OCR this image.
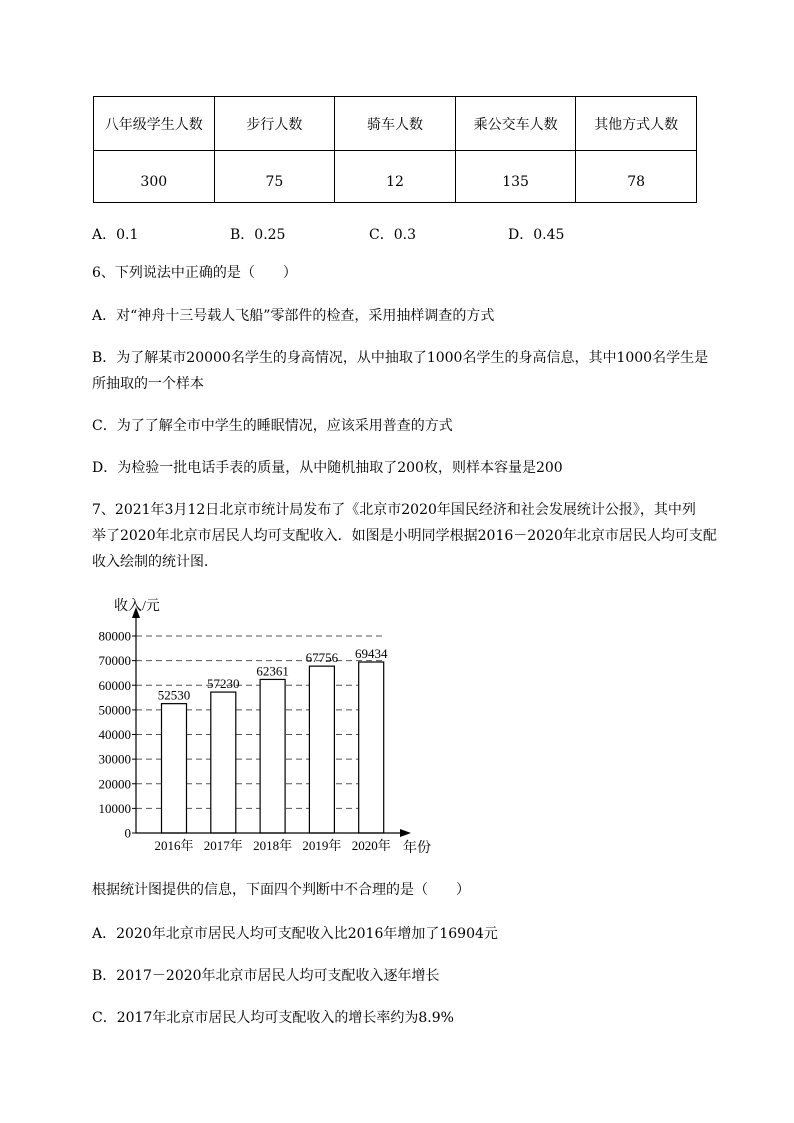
八年级学生人数	步行人数	骑车人数	乘公交车人数	其他方式人数
300	75	12	135	78
A．0.1	B．0.25	C．0.3	D．0.45
6、下列说法中正确的是（　　）
A．对“神舟十三号载人飞船”零部件的检查，采用抽样调查的方式
B．为了解某市20000名学生的身高情况，从中抽取了1000名学生的身高信息，其中1000名学生是
所抽取的一个样本
C．为了了解全市中学生的睡眠情况，应该采用普查的方式
D．为检验一批电话手表的质量，从中随机抽取了200枚，则样本容量是200
7、2021年3月12日北京市统计局发布了《北京市2020年国民经济和社会发展统计公报》，其中列
举了2020年北京市居民人均可支配收入．如图是小明同学根据2016－2020年北京市居民人均可支配
收入绘制的统计图．
0
10000
20000
30000
40000
50000
60000
70000
80000
52530
57230
62361
67756 69434
2016年 2017年 2018年 2019年 2020年
收入/元
年份
根据统计图提供的信息，下面四个判断中不合理的是（　　）
A．2020年北京市居民人均可支配收入比2016年增加了16904元
B．2017－2020年北京市居民人均可支配收入逐年增长
C．2017年北京市居民人均可支配收入的增长率约为8.9%
